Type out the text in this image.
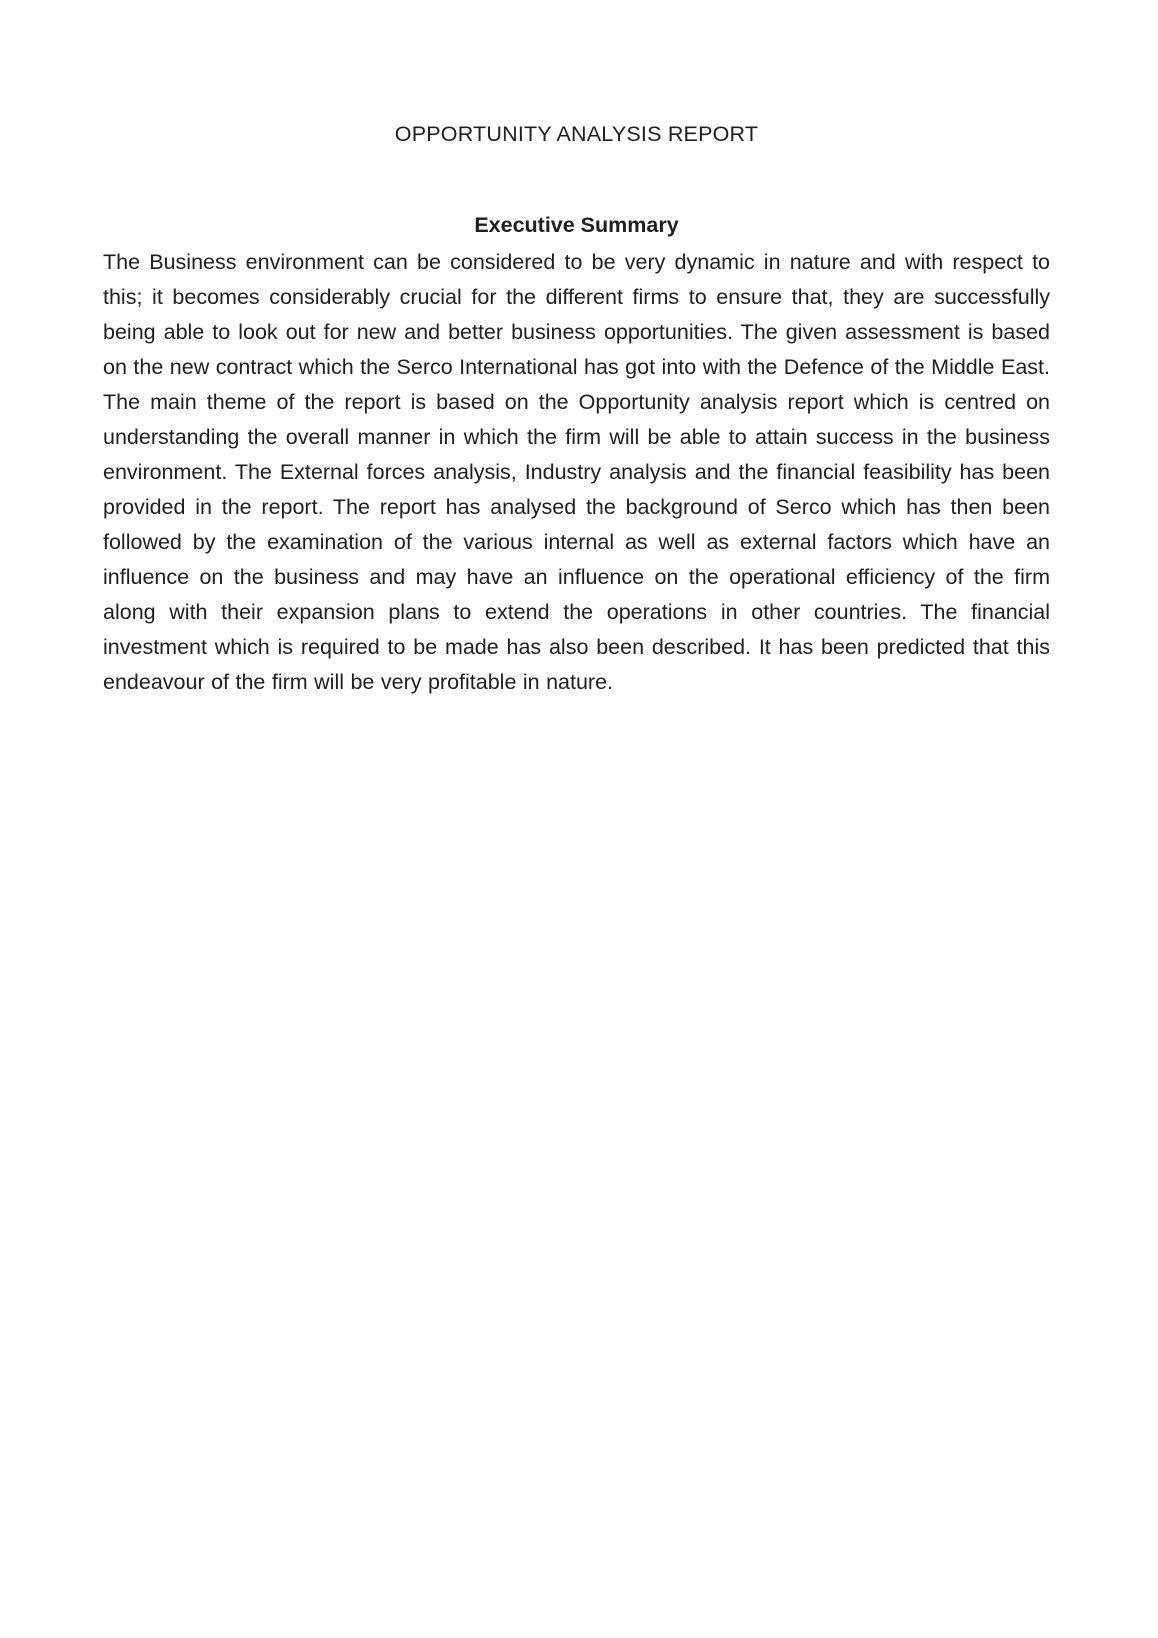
OPPORTUNITY ANALYSIS REPORT
Executive Summary

The Business environment can be considered to be very dynamic in nature and with respect to this; it becomes considerably crucial for the different firms to ensure that, they are successfully being able to look out for new and better business opportunities. The given assessment is based on the new contract which the Serco International has got into with the Defence of the Middle East. The main theme of the report is based on the Opportunity analysis report which is centred on understanding the overall manner in which the firm will be able to attain success in the business environment. The External forces analysis, Industry analysis and the financial feasibility has been provided in the report. The report has analysed the background of Serco which has then been followed by the examination of the various internal as well as external factors which have an influence on the business and may have an influence on the operational efficiency of the firm along with their expansion plans to extend the operations in other countries. The financial investment which is required to be made has also been described. It has been predicted that this endeavour of the firm will be very profitable in nature.
